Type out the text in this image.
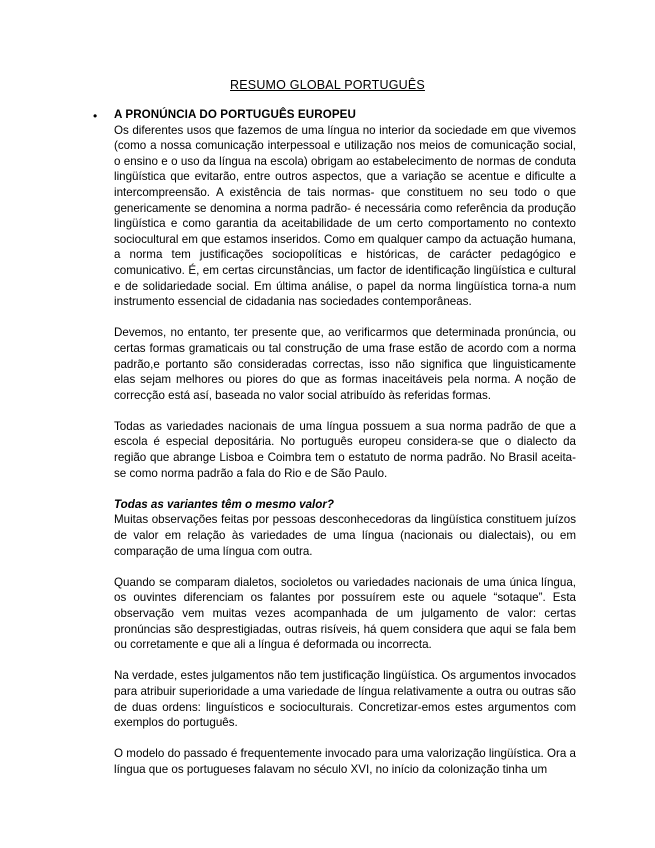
RESUMO GLOBAL PORTUGUÊS
• A PRONÚNCIA DO PORTUGUÊS EUROPEU

Os diferentes usos que fazemos de uma língua no interior da sociedade em que vivemos (como a nossa comunicação interpessoal e utilização nos meios de comunicação social, o ensino e o uso da língua na escola) obrigam ao estabelecimento de normas de conduta lingüística que evitarão, entre outros aspectos, que a variação se acentue e dificulte a intercompreensão. A existência de tais normas- que constituem no seu todo o que genericamente se denomina a norma padrão- é necessária como referência da produção lingüística e como garantia da aceitabilidade de um certo comportamento no contexto sociocultural em que estamos inseridos. Como em qualquer campo da actuação humana, a norma tem justificações sociopolíticas e históricas, de carácter pedagógico e comunicativo. É, em certas circunstâncias, um factor de identificação lingüística e cultural e de solidariedade social. Em última análise, o papel da norma lingüística torna-a num instrumento essencial de cidadania nas sociedades contemporâneas.

Devemos, no entanto, ter presente que, ao verificarmos que determinada pronúncia, ou certas formas gramaticais ou tal construção de uma frase estão de acordo com a norma padrão,e portanto são consideradas correctas, isso não significa que linguisticamente elas sejam melhores ou piores do que as formas inaceitáveis pela norma. A noção de correcção está así, baseada no valor social atribuído às referidas formas.

Todas as variedades nacionais de uma língua possuem a sua norma padrão de que a escola é especial depositária. No português europeu considera-se que o dialecto da região que abrange Lisboa e Coimbra tem o estatuto de norma padrão. No Brasil aceita-se como norma padrão a fala do Rio e de São Paulo.

Todas as variantes têm o mesmo valor?

Muitas observações feitas por pessoas desconhecedoras da lingüística constituem juízos de valor em relação às variedades de uma língua (nacionais ou dialectais), ou em comparação de uma língua com outra.

Quando se comparam dialetos, socioletos ou variedades nacionais de uma única língua, os ouvintes diferenciam os falantes por possuírem este ou aquele “sotaque”. Esta observação vem muitas vezes acompanhada de um julgamento de valor: certas pronúncias são desprestigiadas, outras risíveis, há quem considera que aqui se fala bem ou corretamente e que ali a língua é deformada ou incorrecta.

Na verdade, estes julgamentos não tem justificação lingüística. Os argumentos invocados para atribuir superioridade a uma variedade de língua relativamente a outra ou outras são de duas ordens: linguísticos e socioculturais. Concretizar-emos estes argumentos com exemplos do português.

O modelo do passado é frequentemente invocado para uma valorização lingüística. Ora a língua que os portugueses falavam no século XVI, no início da colonização tinha um
